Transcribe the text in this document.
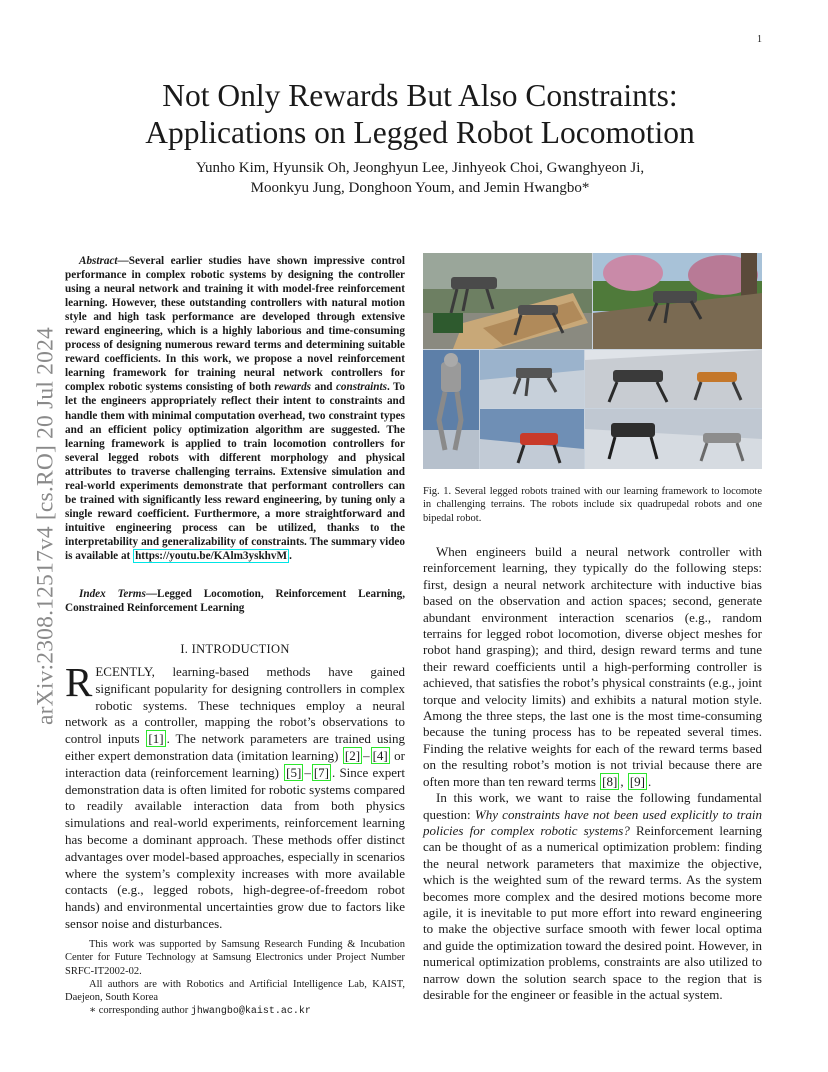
1
arXiv:2308.12517v4 [cs.RO] 20 Jul 2024
Not Only Rewards But Also Constraints:
Applications on Legged Robot Locomotion
Yunho Kim, Hyunsik Oh, Jeonghyun Lee, Jinhyeok Choi, Gwanghyeon Ji,
Moonkyu Jung, Donghoon Youm, and Jemin Hwangbo*
Abstract—Several earlier studies have shown impressive control performance in complex robotic systems by designing the controller using a neural network and training it with model-free reinforcement learning. However, these outstanding controllers with natural motion style and high task performance are developed through extensive reward engineering, which is a highly laborious and time-consuming process of designing numerous reward terms and determining suitable reward coefficients. In this work, we propose a novel reinforcement learning framework for training neural network controllers for complex robotic systems consisting of both rewards and constraints. To let the engineers appropriately reflect their intent to constraints and handle them with minimal computation overhead, two constraint types and an efficient policy optimization algorithm are suggested. The learning framework is applied to train locomotion controllers for several legged robots with different morphology and physical attributes to traverse challenging terrains. Extensive simulation and real-world experiments demonstrate that performant controllers can be trained with significantly less reward engineering, by tuning only a single reward coefficient. Furthermore, a more straightforward and intuitive engineering process can be utilized, thanks to the interpretability and generalizability of constraints. The summary video is available at https://youtu.be/KAlm3yskhvM .
Index Terms—Legged Locomotion, Reinforcement Learning, Constrained Reinforcement Learning
I. INTRODUCTION
RECENTLY, learning-based methods have gained significant popularity for designing controllers in complex robotic systems. These techniques employ a neural network as a controller, mapping the robot’s observations to control inputs [1] . The network parameters are trained using either expert demonstration data (imitation learning) [2] – [4] or interaction data (reinforcement learning) [5] – [7] . Since expert demonstration data is often limited for robotic systems compared to readily available interaction data from both physics simulations and real-world experiments, reinforcement learning has become a dominant approach. These methods offer distinct advantages over model-based approaches, especially in scenarios where the system’s complexity increases with more available contacts (e.g., legged robots, high-degree-of-freedom robot hands) and environmental uncertainties grow due to factors like sensor noise and disturbances.

This work was supported by Samsung Research Funding & Incubation Center for Future Technology at Samsung Electronics under Project Number SRFC-IT2002-02.

All authors are with Robotics and Artificial Intelligence Lab, KAIST, Daejeon, South Korea

∗ corresponding author jhwangbo@kaist.ac.kr

Fig. 1. Several legged robots trained with our learning framework to locomote in challenging terrains. The robots include six quadrupedal robots and one bipedal robot.

When engineers build a neural network controller with reinforcement learning, they typically do the following steps: first, design a neural network architecture with inductive bias based on the observation and action spaces; second, generate abundant environment interaction scenarios (e.g., random terrains for legged robot locomotion, diverse object meshes for robot hand grasping); and third, design reward terms and tune their reward coefficients until a high-performing controller is achieved, that satisfies the robot’s physical constraints (e.g., joint torque and velocity limits) and exhibits a natural motion style. Among the three steps, the last one is the most time-consuming because the tuning process has to be repeated several times. Finding the relative weights for each of the reward terms based on the resulting robot’s motion is not trivial because there are often more than ten reward terms [8] , [9] .

In this work, we want to raise the following fundamental question: Why constraints have not been used explicitly to train policies for complex robotic systems? Reinforcement learning can be thought of as a numerical optimization problem: finding the neural network parameters that maximize the objective, which is the weighted sum of the reward terms. As the system becomes more complex and the desired motions become more agile, it is inevitable to put more effort into reward engineering to make the objective surface smooth with fewer local optima and guide the optimization toward the desired point. However, in numerical optimization problems, constraints are also utilized to narrow down the solution search space to the region that is desirable for the engineer or feasible in the actual system.
